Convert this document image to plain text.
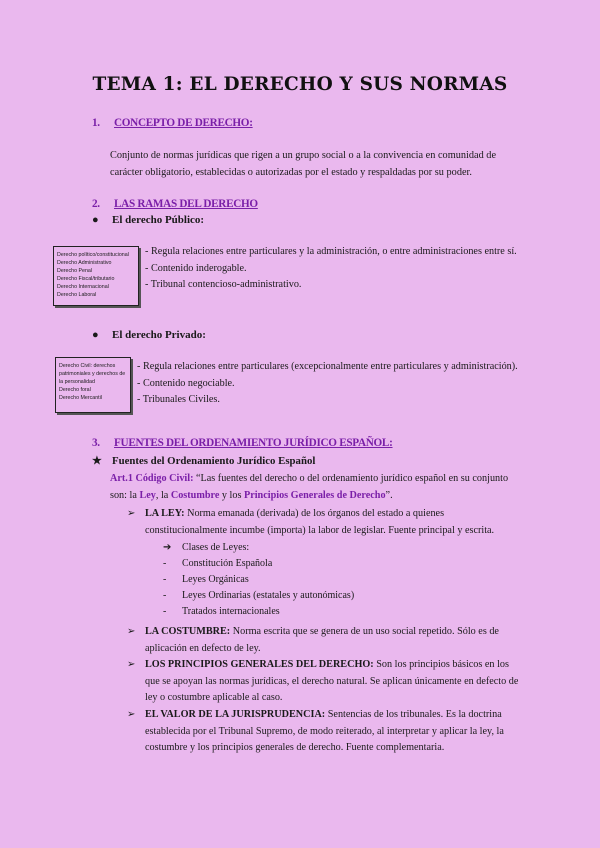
TEMA 1: EL DERECHO Y SUS NORMAS
1. CONCEPTO DE DERECHO:
Conjunto de normas jurídicas que rigen a un grupo social o a la convivencia en comunidad de
carácter obligatorio, establecidas o autorizadas por el estado y respaldadas por su poder.
2. LAS RAMAS DEL DERECHO
● El derecho Público:
Derecho político/constitucional
Derecho Administrativo
Derecho Penal
Derecho Fiscal/tributario
Derecho Internacional
Derecho Laboral
- Regula relaciones entre particulares y la administración, o entre administraciones entre sí.
- Contenido inderogable.
- Tribunal contencioso-administrativo.
● El derecho Privado:
Derecho Civil: derechos
patrimoniales y derechos de
la personalidad
Derecho foral
Derecho Mercantil
- Regula relaciones entre particulares (excepcionalmente entre particulares y administración).
- Contenido negociable.
- Tribunales Civiles.
3. FUENTES DEL ORDENAMIENTO JURÍDICO ESPAÑOL:
★ Fuentes del Ordenamiento Jurídico Español
Art.1 Código Civil: “Las fuentes del derecho o del ordenamiento jurídico español en su conjunto
son: la Ley, la Costumbre y los Principios Generales de Derecho”.
➢ LA LEY: Norma emanada (derivada) de los órganos del estado a quienes
constitucionalmente incumbe (importa) la labor de legislar. Fuente principal y escrita.
➔ Clases de Leyes:
- Constitución Española
- Leyes Orgánicas
- Leyes Ordinarias (estatales y autonómicas)
- Tratados internacionales
➢ LA COSTUMBRE: Norma escrita que se genera de un uso social repetido. Sólo es de
aplicación en defecto de ley.
➢ LOS PRINCIPIOS GENERALES DEL DERECHO: Son los principios básicos en los
que se apoyan las normas jurídicas, el derecho natural. Se aplican únicamente en defecto de
ley o costumbre aplicable al caso.
➢ EL VALOR DE LA JURISPRUDENCIA: Sentencias de los tribunales. Es la doctrina
establecida por el Tribunal Supremo, de modo reiterado, al interpretar y aplicar la ley, la
costumbre y los principios generales de derecho. Fuente complementaria.
